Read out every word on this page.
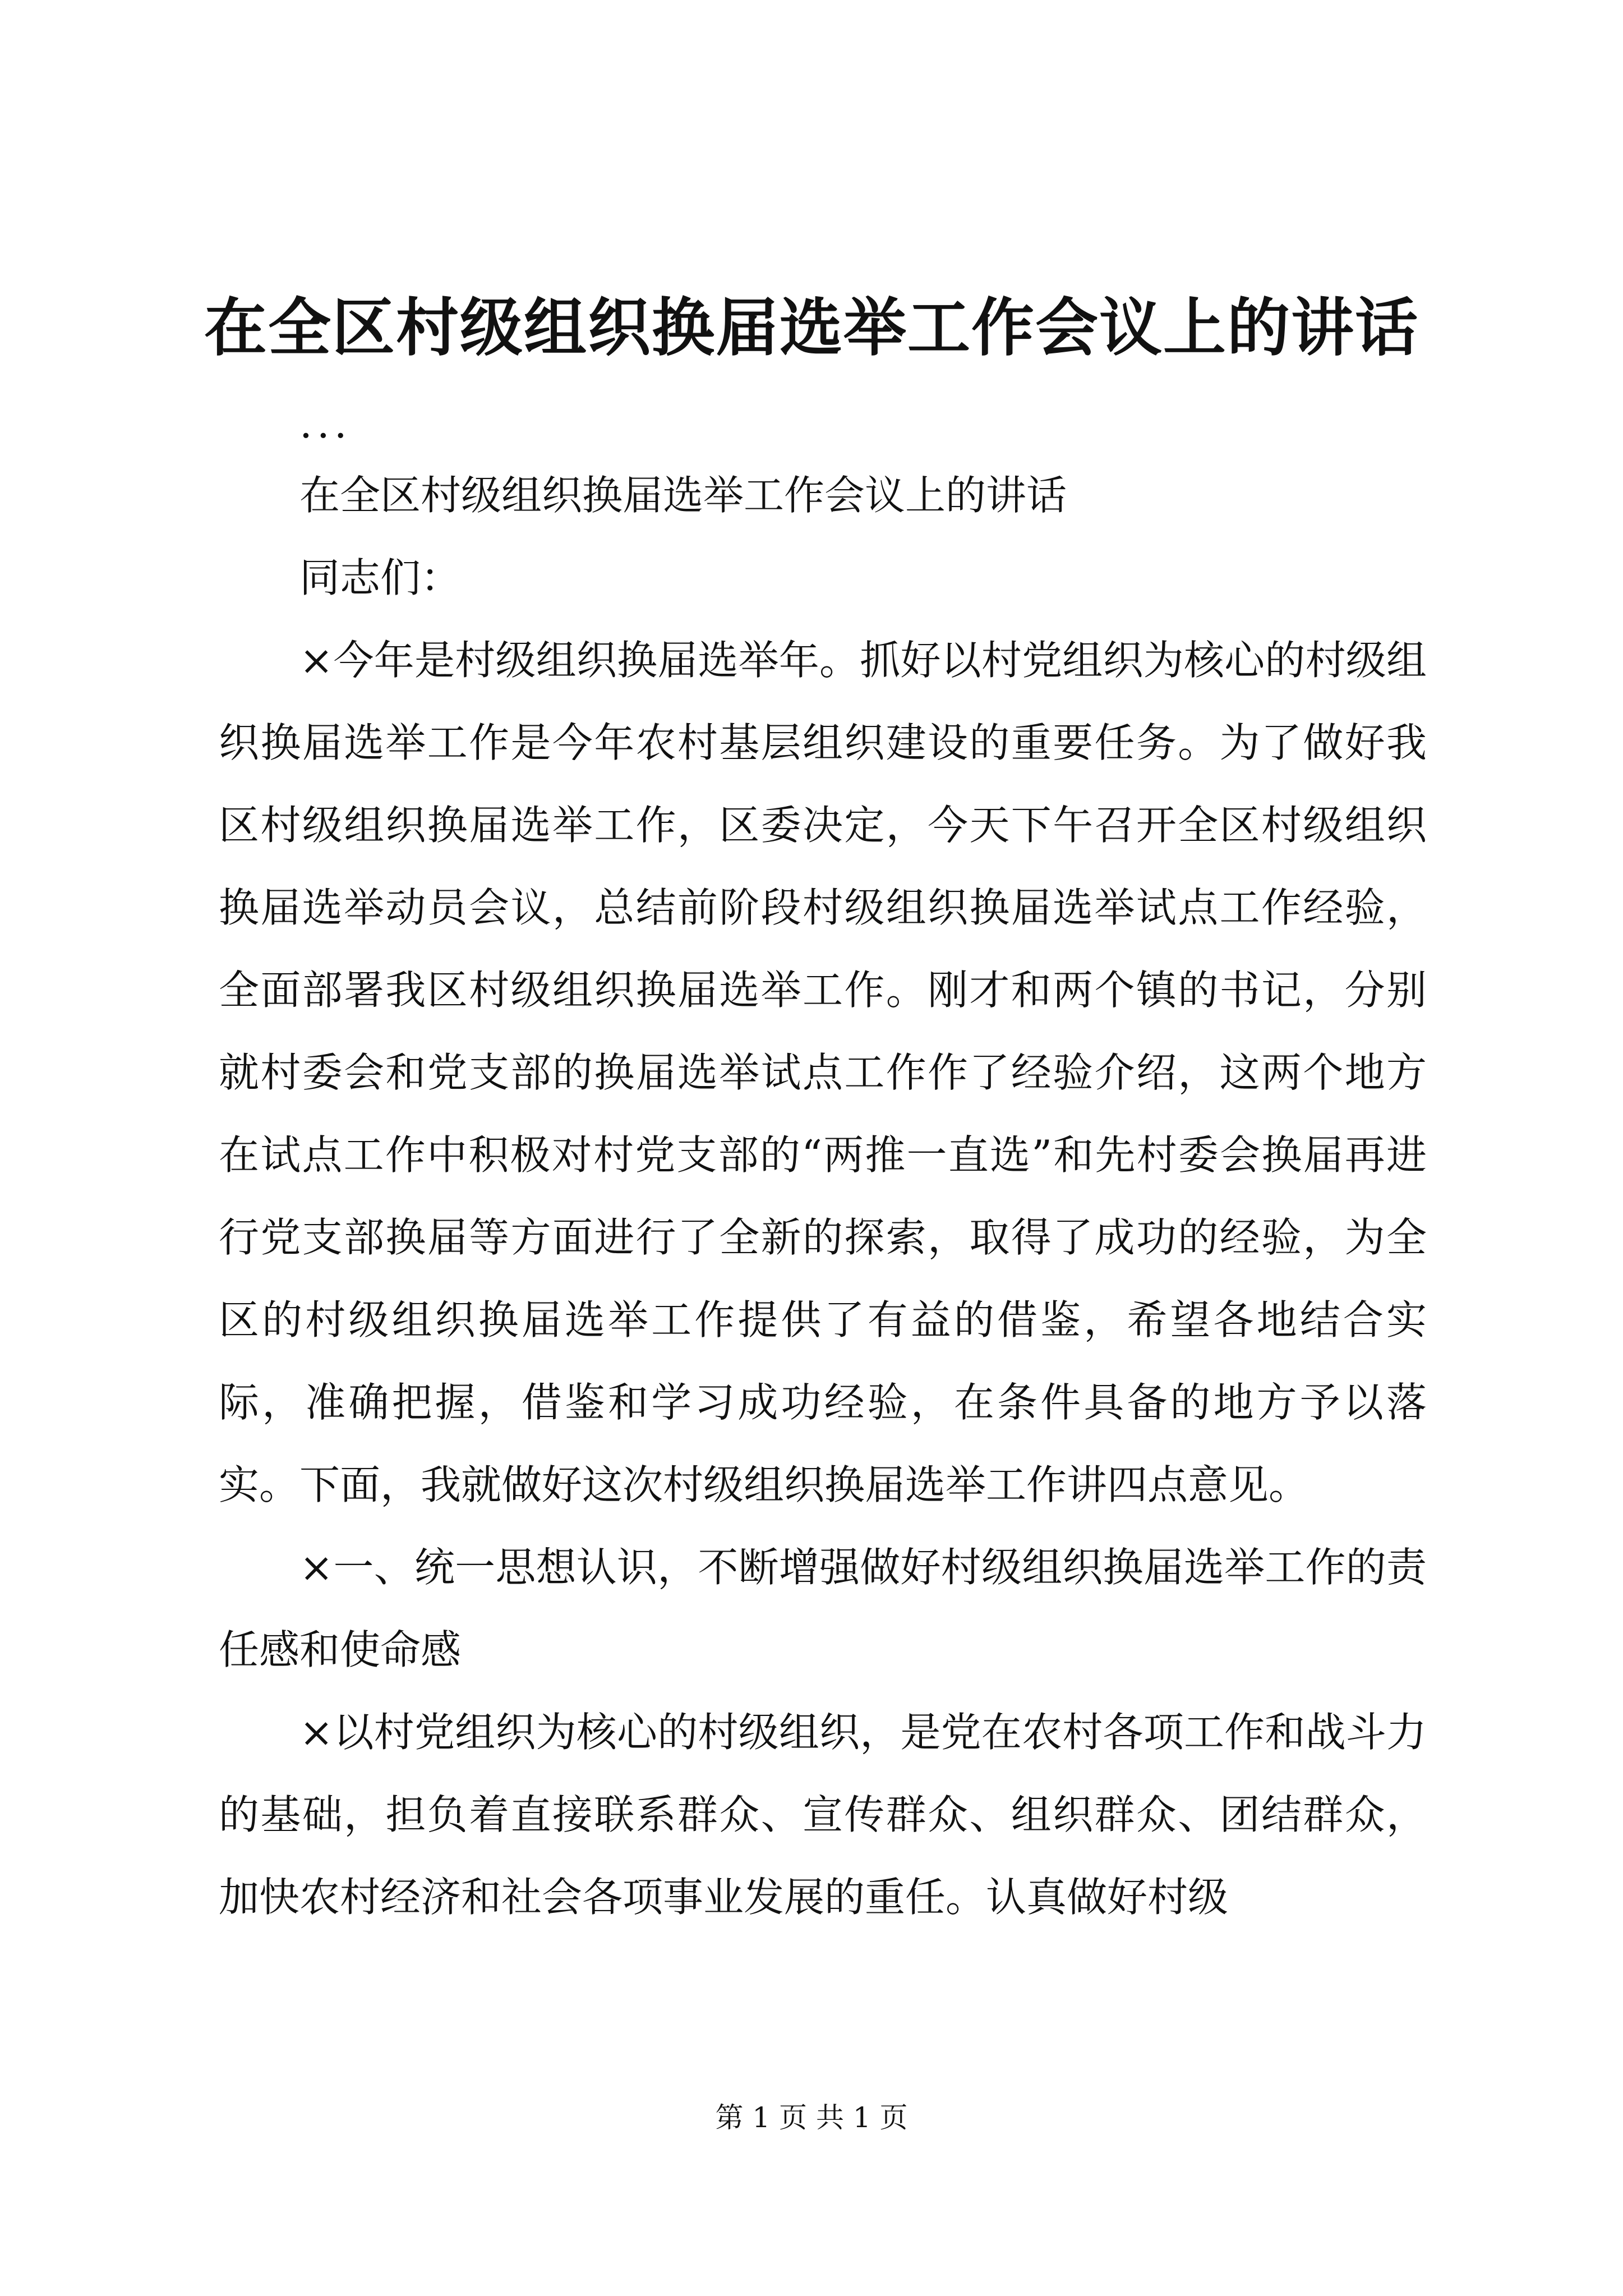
在全区村级组织换届选举工作会议上的讲话

...

在全区村级组织换届选举工作会议上的讲话

同志们：

×今年是村级组织换届选举年。抓好以村党组织为核心的村级组织换届选举工作是今年农村基层组织建设的重要任务。为了做好我区村级组织换届选举工作，区委决定，今天下午召开全区村级组织换届选举动员会议，总结前阶段村级组织换届选举试点工作经验，全面部署我区村级组织换届选举工作。刚才和两个镇的书记，分别就村委会和党支部的换届选举试点工作作了经验介绍，这两个地方在试点工作中积极对村党支部的“两推一直选”和先村委会换届再进行党支部换届等方面进行了全新的探索，取得了成功的经验，为全区的村级组织换届选举工作提供了有益的借鉴，希望各地结合实际，准确把握，借鉴和学习成功经验，在条件具备的地方予以落实。下面，我就做好这次村级组织换届选举工作讲四点意见。

×一、统一思想认识，不断增强做好村级组织换届选举工作的责任感和使命感

×以村党组织为核心的村级组织，是党在农村各项工作和战斗力的基础，担负着直接联系群众、宣传群众、组织群众、团结群众，加快农村经济和社会各项事业发展的重任。认真做好村级

第 1 页 共 1 页
